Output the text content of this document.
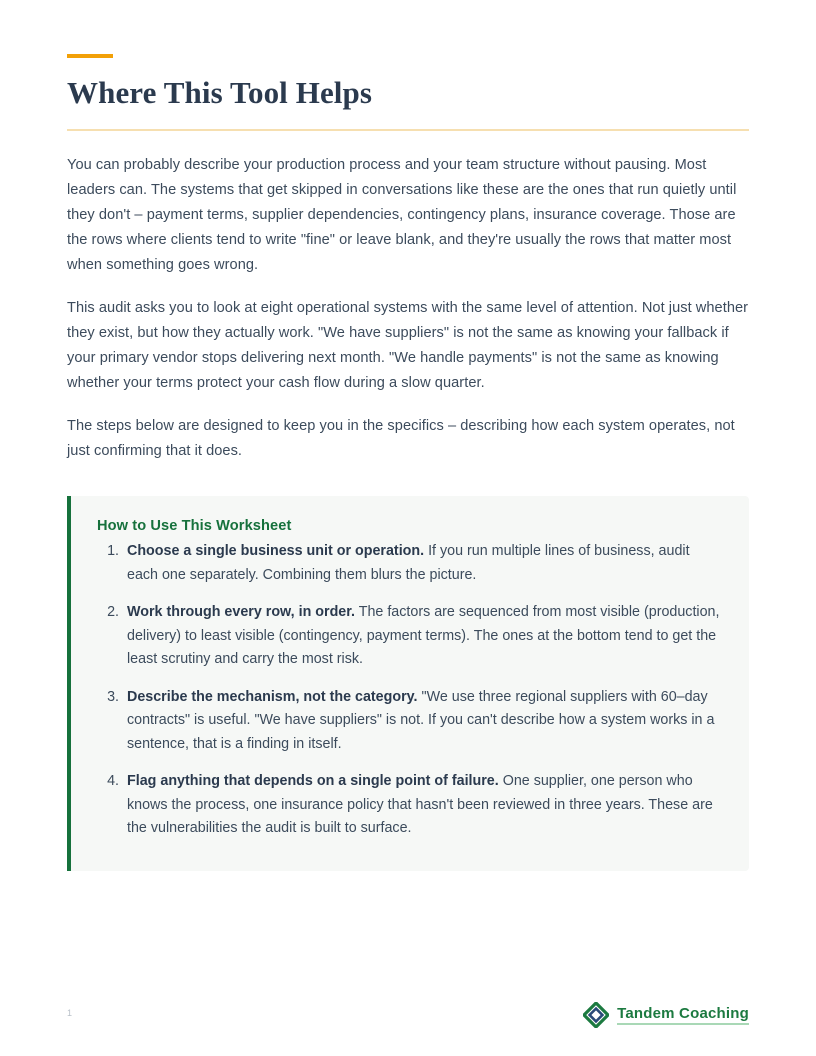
Where This Tool Helps

You can probably describe your production process and your team structure without pausing. Most leaders can. The systems that get skipped in conversations like these are the ones that run quietly until they don't – payment terms, supplier dependencies, contingency plans, insurance coverage. Those are the rows where clients tend to write "fine" or leave blank, and they're usually the rows that matter most when something goes wrong.

This audit asks you to look at eight operational systems with the same level of attention. Not just whether they exist, but how they actually work. "We have suppliers" is not the same as knowing your fallback if your primary vendor stops delivering next month. "We handle payments" is not the same as knowing whether your terms protect your cash flow during a slow quarter.

The steps below are designed to keep you in the specifics – describing how each system operates, not just confirming that it does.

How to Use This Worksheet
1. Choose a single business unit or operation. If you run multiple lines of business, audit each one separately. Combining them blurs the picture.
2. Work through every row, in order. The factors are sequenced from most visible (production, delivery) to least visible (contingency, payment terms). The ones at the bottom tend to get the least scrutiny and carry the most risk.
3. Describe the mechanism, not the category. "We use three regional suppliers with 60–day contracts" is useful. "We have suppliers" is not. If you can't describe how a system works in a sentence, that is a finding in itself.
4. Flag anything that depends on a single point of failure. One supplier, one person who knows the process, one insurance policy that hasn't been reviewed in three years. These are the vulnerabilities the audit is built to surface.
1	Tandem Coaching
